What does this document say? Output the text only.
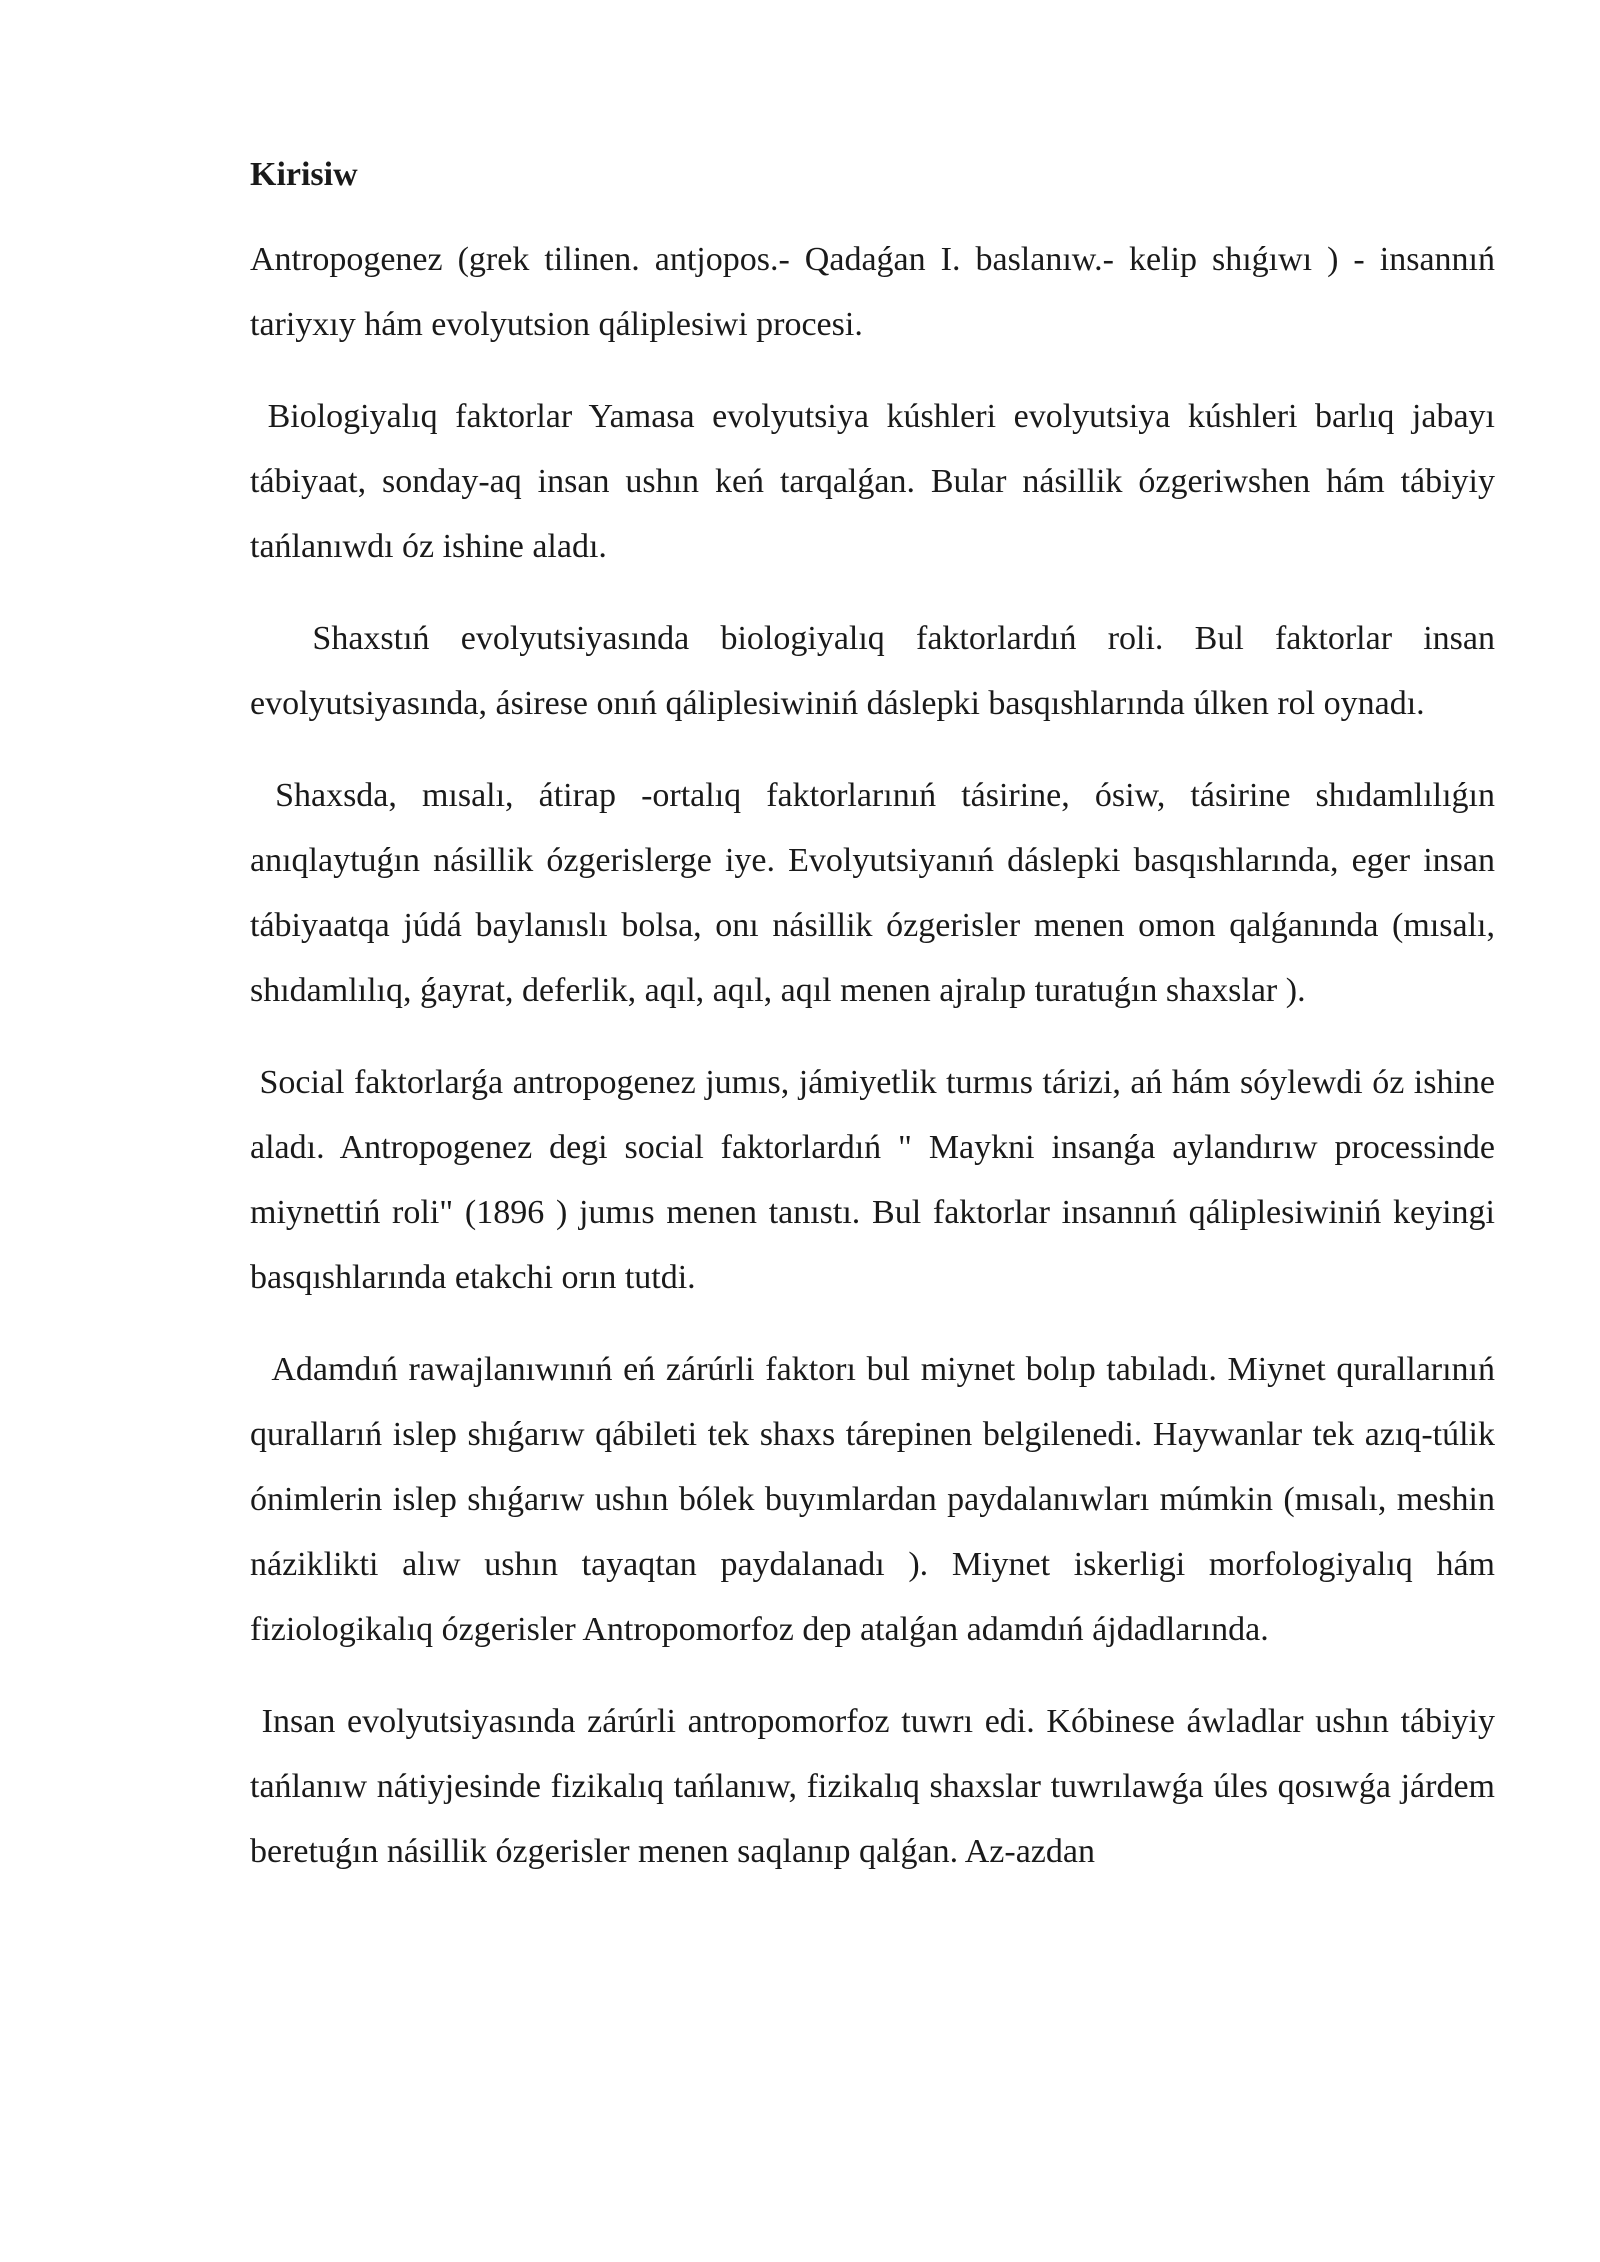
Kirisiw

Antropogenez (grek tilinen. antjopos.- Qadaǵan I. baslanıw.- kelip shıǵıwı ) - insannıń tariyxıy hám evolyutsion qáliplesiwi procesi.

Biologiyalıq faktorlar Yamasa evolyutsiya kúshleri evolyutsiya kúshleri barlıq jabayı tábiyaat, sonday-aq insan ushın keń tarqalǵan. Bular násillik ózgeriwshen hám tábiyiy tańlanıwdı óz ishine aladı.

Shaxstıń evolyutsiyasında biologiyalıq faktorlardıń roli. Bul faktorlar insan evolyutsiyasında, ásirese onıń qáliplesiwiniń dáslepki basqıshlarında úlken rol oynadı.

Shaxsda, mısalı, átirap -ortalıq faktorlarınıń tásirine, ósiw, tásirine shıdamlılıǵın anıqlaytuǵın násillik ózgerislerge iye. Evolyutsiyanıń dáslepki basqıshlarında, eger insan tábiyaatqa júdá baylanıslı bolsa, onı násillik ózgerisler menen omon qalǵanında (mısalı, shıdamlılıq, ǵayrat, deferlik, aqıl, aqıl, aqıl menen ajralıp turatuǵın shaxslar ).

Social faktorlarǵa antropogenez jumıs, jámiyetlik turmıs tárizi, ań hám sóylewdi óz ishine aladı. Antropogenez degi social faktorlardıń " Maykni insanǵa aylandırıw processinde miynettiń roli" (1896 ) jumıs menen tanıstı. Bul faktorlar insannıń qáliplesiwiniń keyingi basqıshlarında etakchi orın tutdi.

Adamdıń rawajlanıwınıń eń zárúrli faktorı bul miynet bolıp tabıladı. Miynet qurallarınıń qurallarıń islep shıǵarıw qábileti tek shaxs tárepinen belgilenedi. Haywanlar tek azıq-túlik ónimlerin islep shıǵarıw ushın bólek buyımlardan paydalanıwları múmkin (mısalı, meshin náziklikti alıw ushın tayaqtan paydalanadı ). Miynet iskerligi morfologiyalıq hám fiziologikalıq ózgerisler Antropomorfoz dep atalǵan adamdıń ájdadlarında.

Insan evolyutsiyasında zárúrli antropomorfoz tuwrı edi. Kóbinese áwladlar ushın tábiyiy tańlanıw nátiyjesinde fizikalıq tańlanıw, fizikalıq shaxslar tuwrılawǵa úles qosıwǵa járdem beretuǵın násillik ózgerisler menen saqlanıp qalǵan. Az-azdan
